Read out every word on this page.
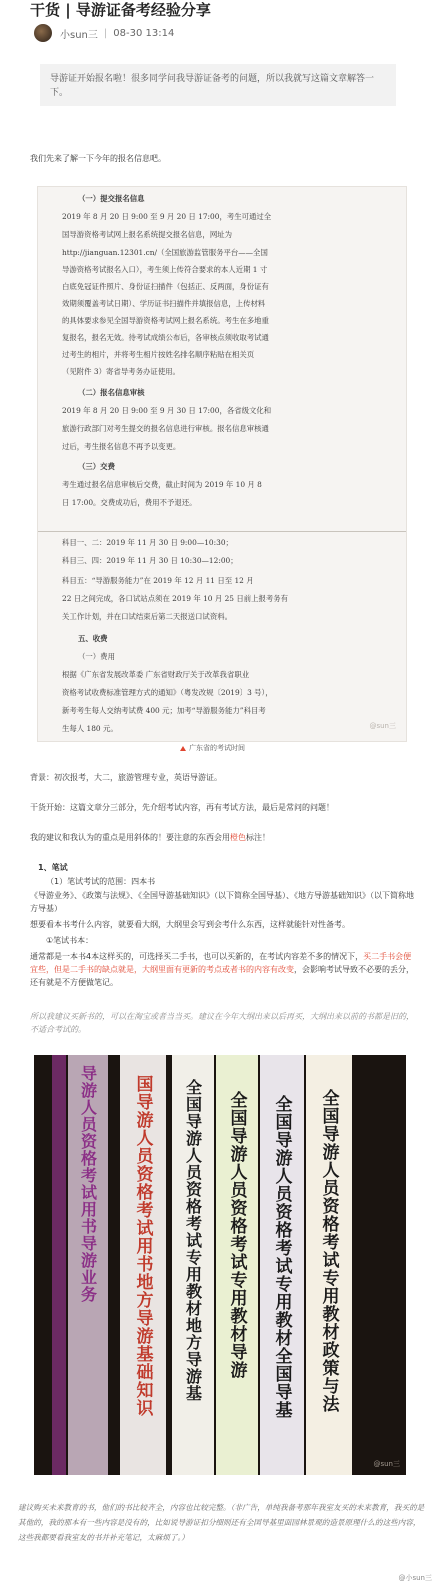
干货 | 导游证备考经验分享
小sun三 | 08-30 13:14
导游证开始报名啦！很多同学问我导游证备考的问题，所以我就写这篇文章解答一下。
我们先来了解一下今年的报名信息吧。
@sun三
（一）提交报名信息
2019 年 8 月 20 日 9:00 至 9 月 20 日 17:00，考生可通过全
国导游资格考试网上报名系统提交报名信息，网址为
http://jianguan.12301.cn/（全国旅游监管服务平台——全国
导游资格考试报名入口），考生须上传符合要求的本人近期 1 寸
白底免冠证件照片、身份证扫描件（包括正、反两面，身份证有
效期须覆盖考试日期）、学历证书扫描件并填报信息，上传材料
的具体要求参见全国导游资格考试网上报名系统。考生在多地重
复报名，报名无效。待考试成绩公布后，各审核点须收取考试通
过考生的相片，并将考生相片按姓名排名顺序粘贴在相关页
（见附件 3）寄省导考务办证使用。
（二）报名信息审核
2019 年 8 月 20 日 9:00 至 9 月 30 日 17:00，各省级文化和
旅游行政部门对考生提交的报名信息进行审核。报名信息审核通
过后，考生报名信息不再予以变更。
（三）交费
考生通过报名信息审核后交费，截止时间为 2019 年 10 月 8
日 17:00。交费成功后，费用不予退还。
科目一、二：2019 年 11 月 30 日 9:00—10:30；
科目三、四：2019 年 11 月 30 日 10:30—12:00；
科目五：“导游服务能力”在 2019 年 12 月 11 日至 12 月
22 日之间完成，各口试站点须在 2019 年 10 月 25 日前上报考务有
关工作计划，并在口试结束后第二天报送口试资料。
五、收费
（一）费用
根据《广东省发展改革委 广东省财政厅关于改革我省职业
资格考试收费标准管理方式的通知》（粤发改规〔2019〕3 号），
新考考生每人交纳考试费 400 元；加考“导游服务能力”科目考
生每人 180 元。
广东省的考试时间
背景：初次报考，大二，旅游管理专业，英语导游证。
干货开始：这篇文章分三部分，先介绍考试内容，再有考试方法，最后是常问的问题！
我的建议和我认为的重点是用斜体的！要注意的东西会用橙色标注！
1、笔试
（1）笔试考试的范围：四本书
《导游业务》、《政策与法规》、《全国导游基础知识》（以下简称全国导基）、《地方导游基础知识》（以下简称地方导基）
想要看本书考什么内容，就要看大纲，大纲里会写到会考什么东西，这样就能针对性备考。
①笔试书本：
通常都是一本书4本这样买的，可选择买二手书，也可以买新的，在考试内容差不多的情况下，买二手书会便宜些，但是二手书的缺点就是，大纲里面有更新的考点或者书的内容有改变，会影响考试导致不必要的丢分，还有就是不方便做笔记。
所以我建议买新书的，可以在淘宝或者当当买。建议在今年大纲出来以后再买，大纲出来以前的书都是旧的，不适合考试的。
全国导游人员资格考试专用教材政策与法
全国导游人员资格考试专用教材全国导基
全国导游人员资格考试专用教材导游
全国导游人员资格考试专用教材地方导游基
国导游人员资格考试用书地方导游基础知识
导游人员资格考试用书导游业务
@sun三
建议购买未来教育的书，他们的书比较齐全，内容也比较完整。（非广告，单纯我备考那年我室友买的未来教育，我买的是其他的，我的那本有一些内容是没有的，比如说导游证扣分细则还有全国导基里面园林景观的造景原理什么的这些内容，这些我都要看我室友的书并补充笔记，太麻烦了。）
@小sun三
